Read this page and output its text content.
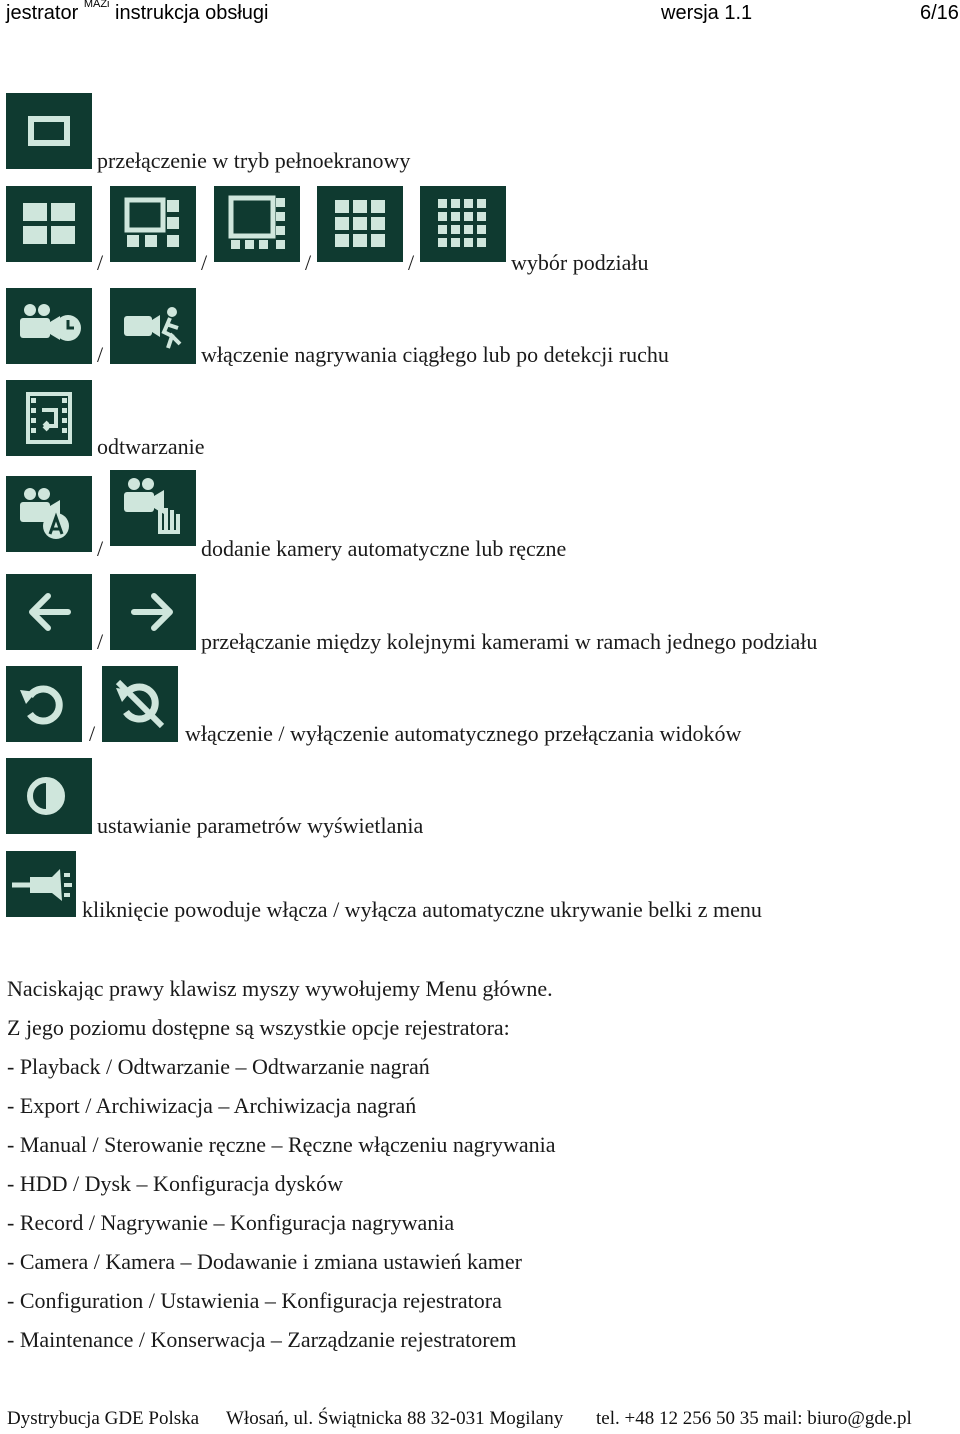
jestrator $^{MAZi}$ instrukcja obsługi	wersja 1.1	6/16
przełączenie w tryb pełnoekranowy
/	/	/	/	wybór podziału
/	włączenie nagrywania ciągłego lub po detekcji ruchu
odtwarzanie
/	dodanie kamery automatyczne lub ręczne
/	przełączanie między kolejnymi kamerami w ramach jednego podziału
/	włączenie / wyłączenie automatycznego przełączania widoków
ustawianie parametrów wyświetlania
kliknięcie powoduje włącza / wyłącza automatyczne ukrywanie belki z menu
Naciskając prawy klawisz myszy wywołujemy Menu główne.
Z jego poziomu dostępne są wszystkie opcje rejestratora:
- Playback / Odtwarzanie – Odtwarzanie nagrań
- Export / Archiwizacja – Archiwizacja nagrań
- Manual / Sterowanie ręczne – Ręczne włączeniu nagrywania
- HDD / Dysk – Konfiguracja dysków
- Record / Nagrywanie – Konfiguracja nagrywania
- Camera / Kamera – Dodawanie i zmiana ustawień kamer
- Configuration / Ustawienia – Konfiguracja rejestratora
- Maintenance / Konserwacja – Zarządzanie rejestratorem
Dystrybucja GDE Polska Włosań, ul. Świątnicka 88 32-031 Mogilany tel. +48 12 256 50 35 mail: biuro@gde.pl
